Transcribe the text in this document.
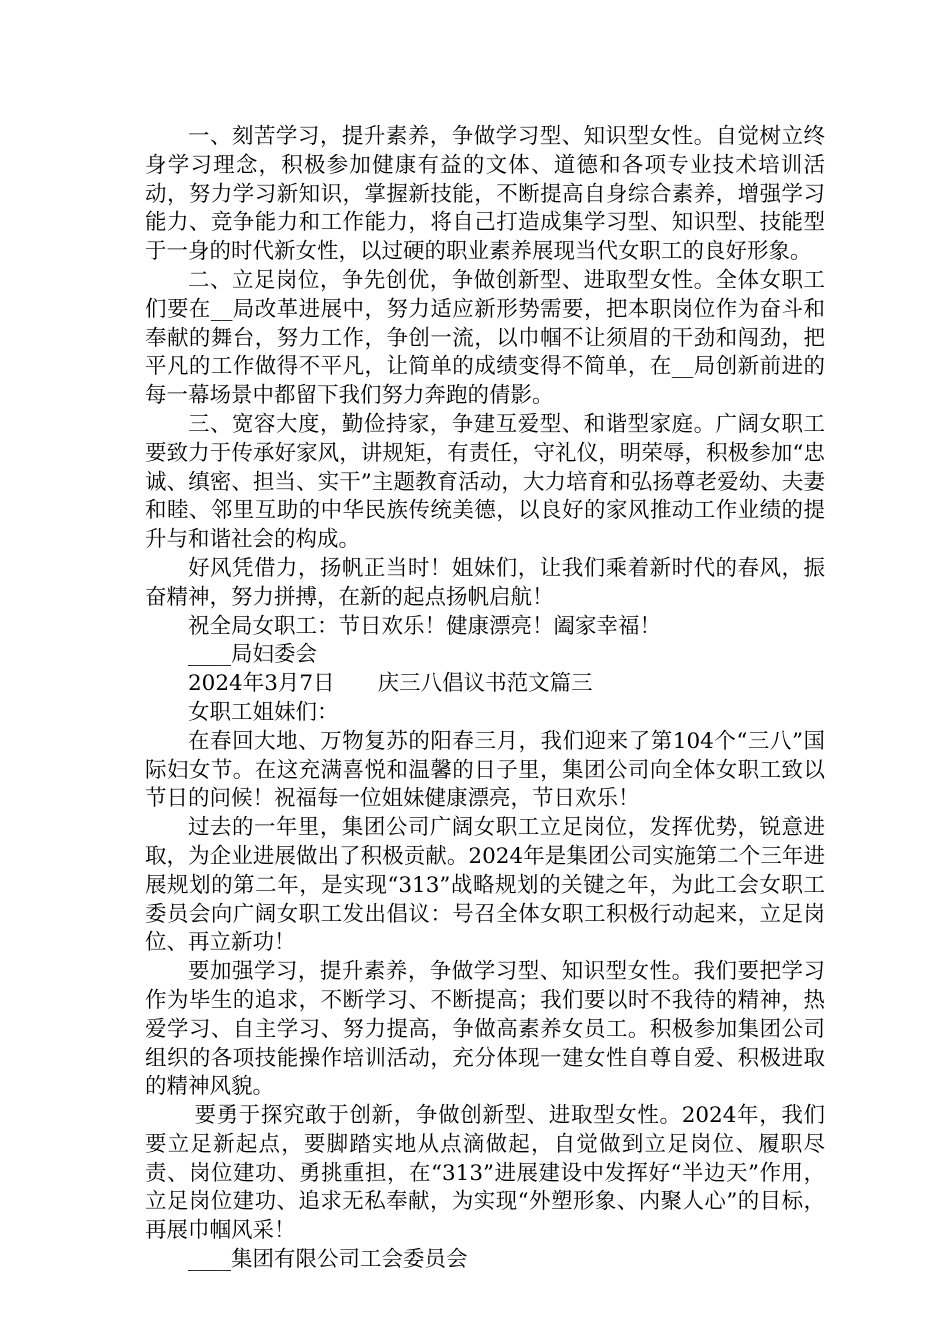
一、刻苦学习，提升素养，争做学习型、知识型女性。自觉树立终身学习理念，积极参加健康有益的文体、道德和各项专业技术培训活动，努力学习新知识，掌握新技能，不断提高自身综合素养，增强学习能力、竞争能力和工作能力，将自己打造成集学习型、知识型、技能型于一身的时代新女性，以过硬的职业素养展现当代女职工的良好形象。

二、立足岗位，争先创优，争做创新型、进取型女性。全体女职工们要在__局改革进展中，努力适应新形势需要，把本职岗位作为奋斗和奉献的舞台，努力工作，争创一流，以巾帼不让须眉的干劲和闯劲，把平凡的工作做得不平凡，让简单的成绩变得不简单，在__局创新前进的每一幕场景中都留下我们努力奔跑的倩影。

三、宽容大度，勤俭持家，争建互爱型、和谐型家庭。广阔女职工要致力于传承好家风，讲规矩，有责任，守礼仪，明荣辱，积极参加“忠诚、缜密、担当、实干”主题教育活动，大力培育和弘扬尊老爱幼、夫妻和睦、邻里互助的中华民族传统美德，以良好的家风推动工作业绩的提升与和谐社会的构成。

好风凭借力，扬帆正当时！姐妹们，让我们乘着新时代的春风，振奋精神，努力拼搏，在新的起点扬帆启航！

祝全局女职工：节日欢乐！健康漂亮！阖家幸福！

____局妇委会

2024年3月7日　　庆三八倡议书范文篇三

女职工姐妹们：

在春回大地、万物复苏的阳春三月，我们迎来了第104个“三八”国际妇女节。在这充满喜悦和温馨的日子里，集团公司向全体女职工致以节日的问候！祝福每一位姐妹健康漂亮，节日欢乐！

过去的一年里，集团公司广阔女职工立足岗位，发挥优势，锐意进取，为企业进展做出了积极贡献。2024年是集团公司实施第二个三年进展规划的第二年，是实现“313”战略规划的关键之年，为此工会女职工委员会向广阔女职工发出倡议：号召全体女职工积极行动起来，立足岗位、再立新功！

要加强学习，提升素养，争做学习型、知识型女性。我们要把学习作为毕生的追求，不断学习、不断提高；我们要以时不我待的精神，热爱学习、自主学习、努力提高，争做高素养女员工。积极参加集团公司组织的各项技能操作培训活动，充分体现一建女性自尊自爱、积极进取的精神风貌。

要勇于探究敢于创新，争做创新型、进取型女性。2024年，我们要立足新起点，要脚踏实地从点滴做起，自觉做到立足岗位、履职尽责、岗位建功、勇挑重担，在“313”进展建设中发挥好“半边天”作用，立足岗位建功、追求无私奉献，为实现“外塑形象、内聚人心”的目标，再展巾帼风采！

____集团有限公司工会委员会
